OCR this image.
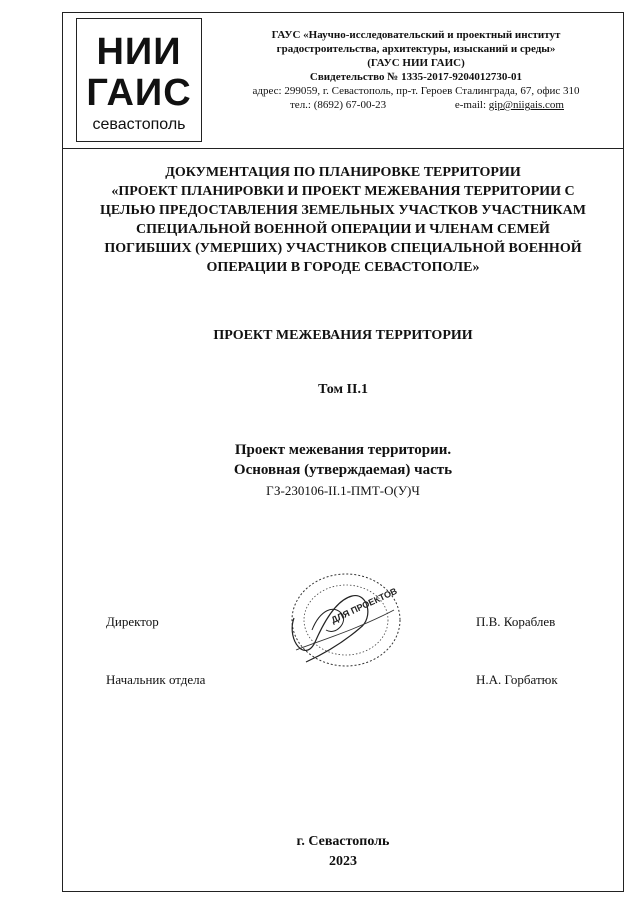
НИИ
ГАИС
севастополь
ГАУС «Научно-исследовательский и проектный институт
градостроительства, архитектуры, изысканий и среды»
(ГАУС НИИ ГАИС)
Свидетельство № 1335-2017-9204012730-01
адрес: 299059, г. Севастополь, пр-т. Героев Сталинграда, 67, офис 310
тел.: (8692) 67-00-23	e-mail: gip@niigais.com
ДОКУМЕНТАЦИЯ ПО ПЛАНИРОВКЕ ТЕРРИТОРИИ
«ПРОЕКТ ПЛАНИРОВКИ И ПРОЕКТ МЕЖЕВАНИЯ ТЕРРИТОРИИ С
ЦЕЛЬЮ ПРЕДОСТАВЛЕНИЯ ЗЕМЕЛЬНЫХ УЧАСТКОВ УЧАСТНИКАМ
СПЕЦИАЛЬНОЙ ВОЕННОЙ ОПЕРАЦИИ И ЧЛЕНАМ СЕМЕЙ
ПОГИБШИХ (УМЕРШИХ) УЧАСТНИКОВ СПЕЦИАЛЬНОЙ ВОЕННОЙ
ОПЕРАЦИИ В ГОРОДЕ СЕВАСТОПОЛЕ»
ПРОЕКТ МЕЖЕВАНИЯ ТЕРРИТОРИИ
Том II.1
Проект межевания территории.
Основная (утверждаемая) часть
ГЗ-230106-II.1-ПМТ-О(У)Ч
Директор	П.В. Кораблев
Начальник отдела	Н.А. Горбатюк
ДЛЯ ПРОЕКТОВ
г. Севастополь
2023
